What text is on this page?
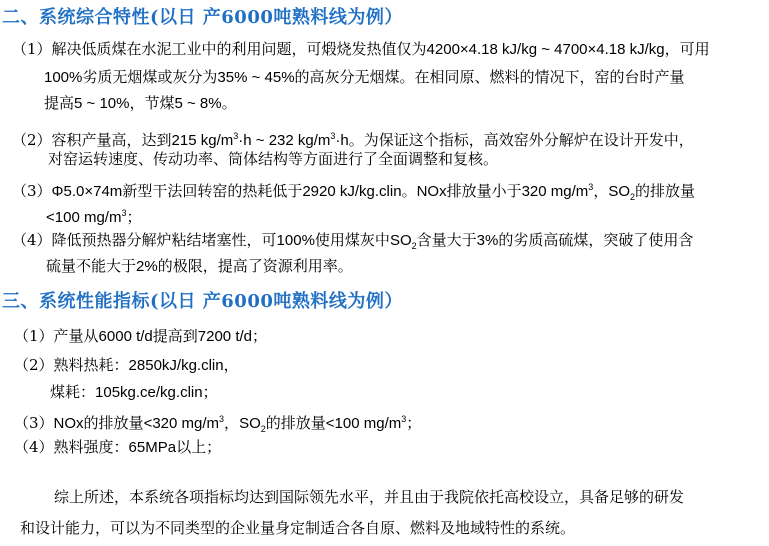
二、系统综合特性(以日 产6000吨熟料线为例）
（1）解决低质煤在水泥工业中的利用问题，可煅烧发热值仅为4200×4.18 kJ/kg ~ 4700×4.18 kJ/kg，可用
100%劣质无烟煤或灰分为35% ~ 45%的高灰分无烟煤。在相同原、燃料的情况下，窑的台时产量
提高5 ~ 10%，节煤5 ~ 8%。
（2）容积产量高，达到215 $kg/m^3\cdot h$ ~ 232 $kg/m^3\cdot h$。为保证这个指标，高效窑外分解炉在设计开发中，
对窑运转速度、传动功率、筒体结构等方面进行了全面调整和复核。
（3）Φ5.0×74m新型干法回转窑的热耗低于2920 kJ/kg.clin。NOx排放量小于320 $mg/m^3$，$SO_2$的排放量
<100 $mg/m^3$；
（4）降低预热器分解炉粘结堵塞性，可100%使用煤灰中$SO_2$含量大于3%的劣质高硫煤，突破了使用含
硫量不能大于2%的极限，提高了资源利用率。
三、系统性能指标(以日 产6000吨熟料线为例）
（1）产量从6000 t/d提高到7200 t/d；
（2）熟料热耗：2850kJ/kg.clin，
煤耗：105kg.ce/kg.clin；
（3）NOx的排放量<320 $mg/m^3$，$SO_2$的排放量<100 $mg/m^3$；
（4）熟料强度：65MPa以上；
综上所述，本系统各项指标均达到国际领先水平，并且由于我院依托高校设立，具备足够的研发
和设计能力，可以为不同类型的企业量身定制适合各自原、燃料及地域特性的系统。
